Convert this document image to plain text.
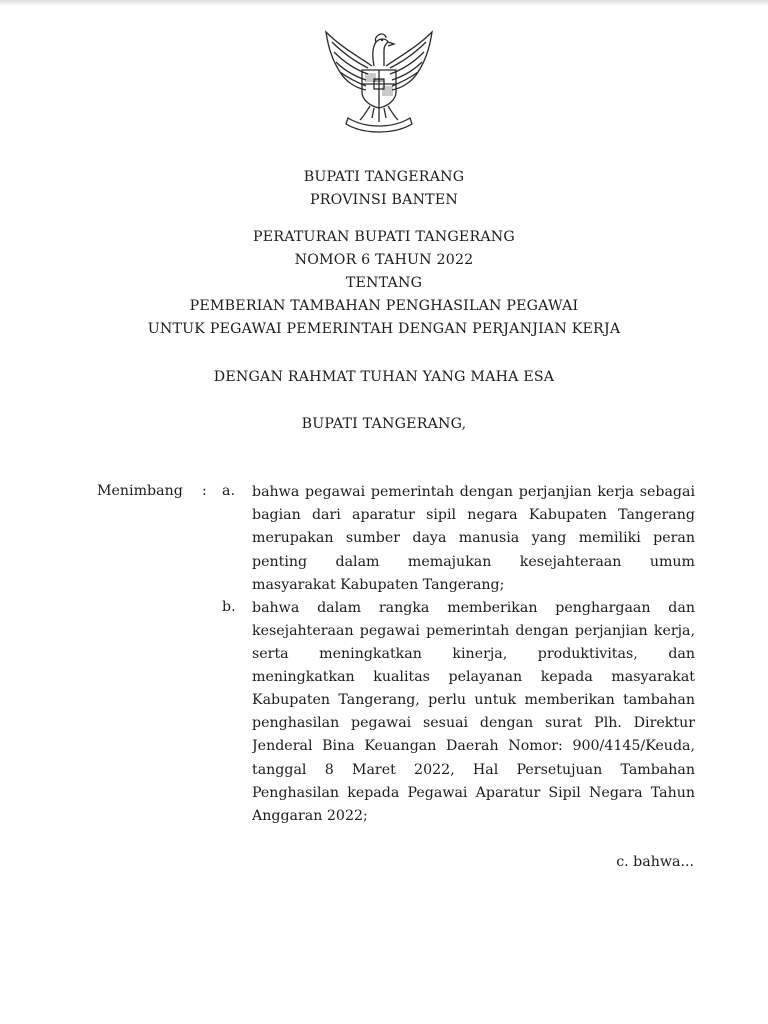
BUPATI TANGERANG
PROVINSI BANTEN
PERATURAN BUPATI TANGERANG
NOMOR 6 TAHUN 2022
TENTANG
PEMBERIAN TAMBAHAN PENGHASILAN PEGAWAI
UNTUK PEGAWAI PEMERINTAH DENGAN PERJANJIAN KERJA
DENGAN RAHMAT TUHAN YANG MAHA ESA
BUPATI TANGERANG,
Menimbang : a. bahwa pegawai pemerintah dengan perjanjian kerja sebagai
bagian dari aparatur sipil negara Kabupaten Tangerang
merupakan sumber daya manusia yang memiliki peran
penting dalam memajukan kesejahteraan umum
masyarakat Kabupaten Tangerang;
b. bahwa dalam rangka memberikan penghargaan dan
kesejahteraan pegawai pemerintah dengan perjanjian kerja,
serta meningkatkan kinerja, produktivitas, dan
meningkatkan kualitas pelayanan kepada masyarakat
Kabupaten Tangerang, perlu untuk memberikan tambahan
penghasilan pegawai sesuai dengan surat Plh. Direktur
Jenderal Bina Keuangan Daerah Nomor: 900/4145/Keuda,
tanggal 8 Maret 2022, Hal Persetujuan Tambahan
Penghasilan kepada Pegawai Aparatur Sipil Negara Tahun
Anggaran 2022;
c. bahwa...
